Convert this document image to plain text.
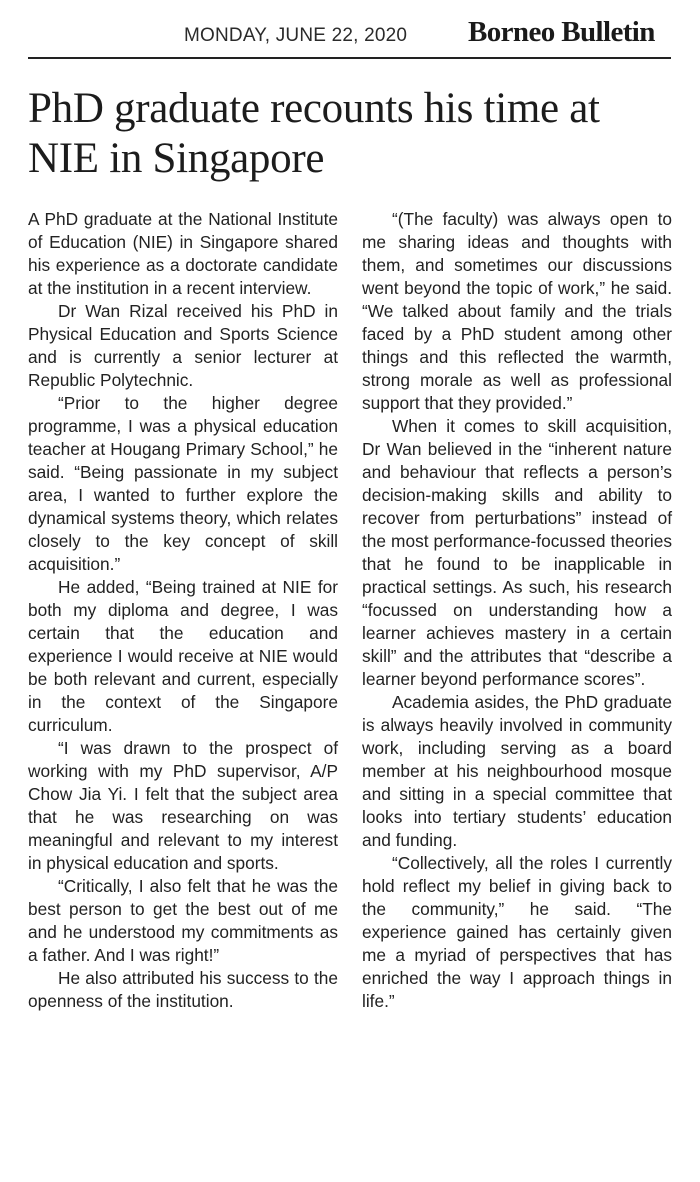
MONDAY, JUNE 22, 2020 Borneo Bulletin
PhD graduate recounts his time at NIE in Singapore

A PhD graduate at the National Institute of Education (NIE) in Singapore shared his experience as a doctorate candidate at the institution in a recent interview.

Dr Wan Rizal received his PhD in Physical Education and Sports Science and is currently a senior lecturer at Republic Polytechnic.

“Prior to the higher degree programme, I was a physical education teacher at Hougang Primary School,” he said. “Being passionate in my subject area, I wanted to further explore the dynamical systems theory, which relates closely to the key concept of skill acquisition.”

He added, “Being trained at NIE for both my diploma and degree, I was certain that the education and experience I would receive at NIE would be both relevant and current, especially in the context of the Singapore curriculum.

“I was drawn to the prospect of working with my PhD supervisor, A/P Chow Jia Yi. I felt that the subject area that he was researching on was meaningful and relevant to my interest in physical education and sports.

“Critically, I also felt that he was the best person to get the best out of me and he understood my commitments as a father. And I was right!”

He also attributed his success to the openness of the institution.

“(The faculty) was always open to me sharing ideas and thoughts with them, and sometimes our discussions went beyond the topic of work,” he said. “We talked about family and the trials faced by a PhD student among other things and this reflected the warmth, strong morale as well as professional support that they provided.”

When it comes to skill acquisition, Dr Wan believed in the “inherent nature and behaviour that reflects a person’s decision-making skills and ability to recover from perturbations” instead of the most performance-focussed theories that he found to be inapplicable in practical settings. As such, his research “focussed on understanding how a learner achieves mastery in a certain skill” and the attributes that “describe a learner beyond performance scores”.

Academia asides, the PhD graduate is always heavily involved in community work, including serving as a board member at his neighbourhood mosque and sitting in a special committee that looks into tertiary students’ education and funding.

“Collectively, all the roles I currently hold reflect my belief in giving back to the community,” he said. “The experience gained has certainly given me a myriad of perspectives that has enriched the way I approach things in life.”
